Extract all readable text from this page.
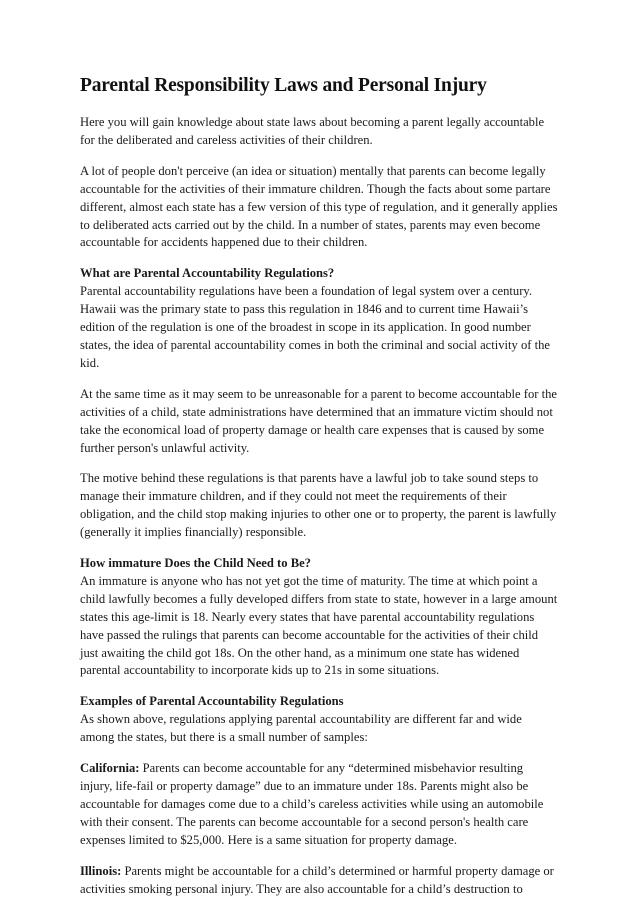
Parental Responsibility Laws and Personal Injury

Here you will gain knowledge about state laws about becoming a parent legally accountable for the deliberated and careless activities of their children.

A lot of people don't perceive (an idea or situation) mentally that parents can become legally accountable for the activities of their immature children. Though the facts about some partare different, almost each state has a few version of this type of regulation, and it generally applies to deliberated acts carried out by the child. In a number of states, parents may even become accountable for accidents happened due to their children.

What are Parental Accountability Regulations?

Parental accountability regulations have been a foundation of legal system over a century. Hawaii was the primary state to pass this regulation in 1846 and to current time Hawaii’s edition of the regulation is one of the broadest in scope in its application. In good number states, the idea of parental accountability comes in both the criminal and social activity of the kid.

At the same time as it may seem to be unreasonable for a parent to become accountable for the activities of a child, state administrations have determined that an immature victim should not take the economical load of property damage or health care expenses that is caused by some further person's unlawful activity.

The motive behind these regulations is that parents have a lawful job to take sound steps to manage their immature children, and if they could not meet the requirements of their obligation, and the child stop making injuries to other one or to property, the parent is lawfully (generally it implies financially) responsible.

How immature Does the Child Need to Be?

An immature is anyone who has not yet got the time of maturity. The time at which point a child lawfully becomes a fully developed differs from state to state, however in a large amount states this age-limit is 18. Nearly every states that have parental accountability regulations have passed the rulings that parents can become accountable for the activities of their child just awaiting the child got 18s. On the other hand, as a minimum one state has widened parental accountability to incorporate kids up to 21s in some situations.

Examples of Parental Accountability Regulations

As shown above, regulations applying parental accountability are different far and wide among the states, but there is a small number of samples:

California: Parents can become accountable for any “determined misbehavior resulting injury, life-fail or property damage” due to an immature under 18s. Parents might also be accountable for damages come due to a child’s careless activities while using an automobile with their consent. The parents can become accountable for a second person's health care expenses limited to $25,000. Here is a same situation for property damage.

Illinois: Parents might be accountable for a child’s determined or harmful property damage or activities smoking personal injury. They are also accountable for a child’s destruction to
